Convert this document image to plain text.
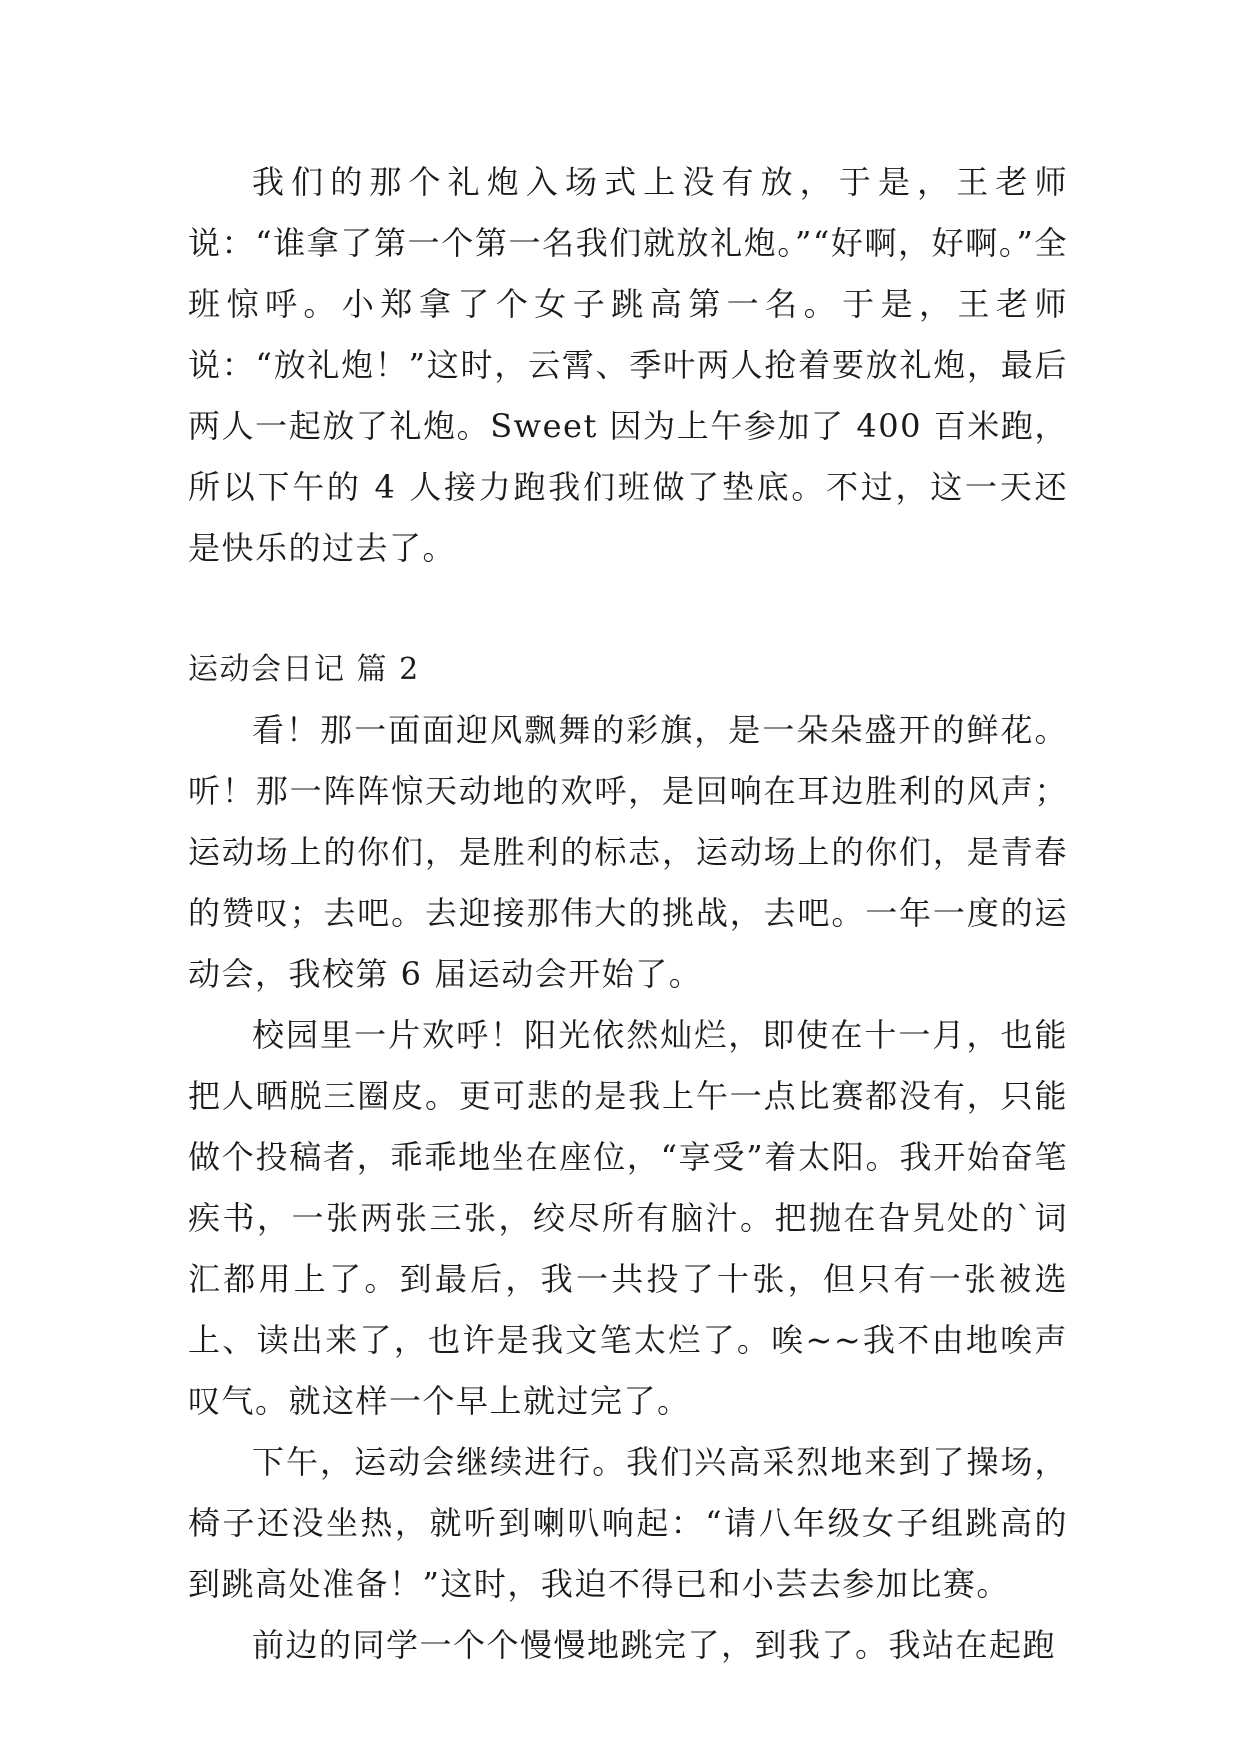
我们的那个礼炮入场式上没有放，于是，王老师说：“谁拿了第一个第一名我们就放礼炮。”“好啊，好啊。”全班惊呼。小郑拿了个女子跳高第一名。于是，王老师说：“放礼炮！”这时，云霄、季叶两人抢着要放礼炮，最后两人一起放了礼炮。Sweet 因为上午参加了 400 百米跑，所以下午的 4 人接力跑我们班做了垫底。不过，这一天还是快乐的过去了。

运动会日记 篇 2

看！那一面面迎风飘舞的彩旗，是一朵朵盛开的鲜花。听！那一阵阵惊天动地的欢呼，是回响在耳边胜利的风声；运动场上的你们，是胜利的标志，运动场上的你们，是青春的赞叹；去吧。去迎接那伟大的挑战，去吧。一年一度的运动会，我校第 6 届运动会开始了。

校园里一片欢呼！阳光依然灿烂，即使在十一月，也能把人晒脱三圈皮。更可悲的是我上午一点比赛都没有，只能做个投稿者，乖乖地坐在座位，“享受”着太阳。我开始奋笔疾书，一张两张三张，绞尽所有脑汁。把抛在旮旯处的`词汇都用上了。到最后，我一共投了十张，但只有一张被选上、读出来了，也许是我文笔太烂了。唉~~我不由地唉声叹气。就这样一个早上就过完了。

下午，运动会继续进行。我们兴高采烈地来到了操场，椅子还没坐热，就听到喇叭响起：“请八年级女子组跳高的到跳高处准备！”这时，我迫不得已和小芸去参加比赛。

前边的同学一个个慢慢地跳完了，到我了。我站在起跑
